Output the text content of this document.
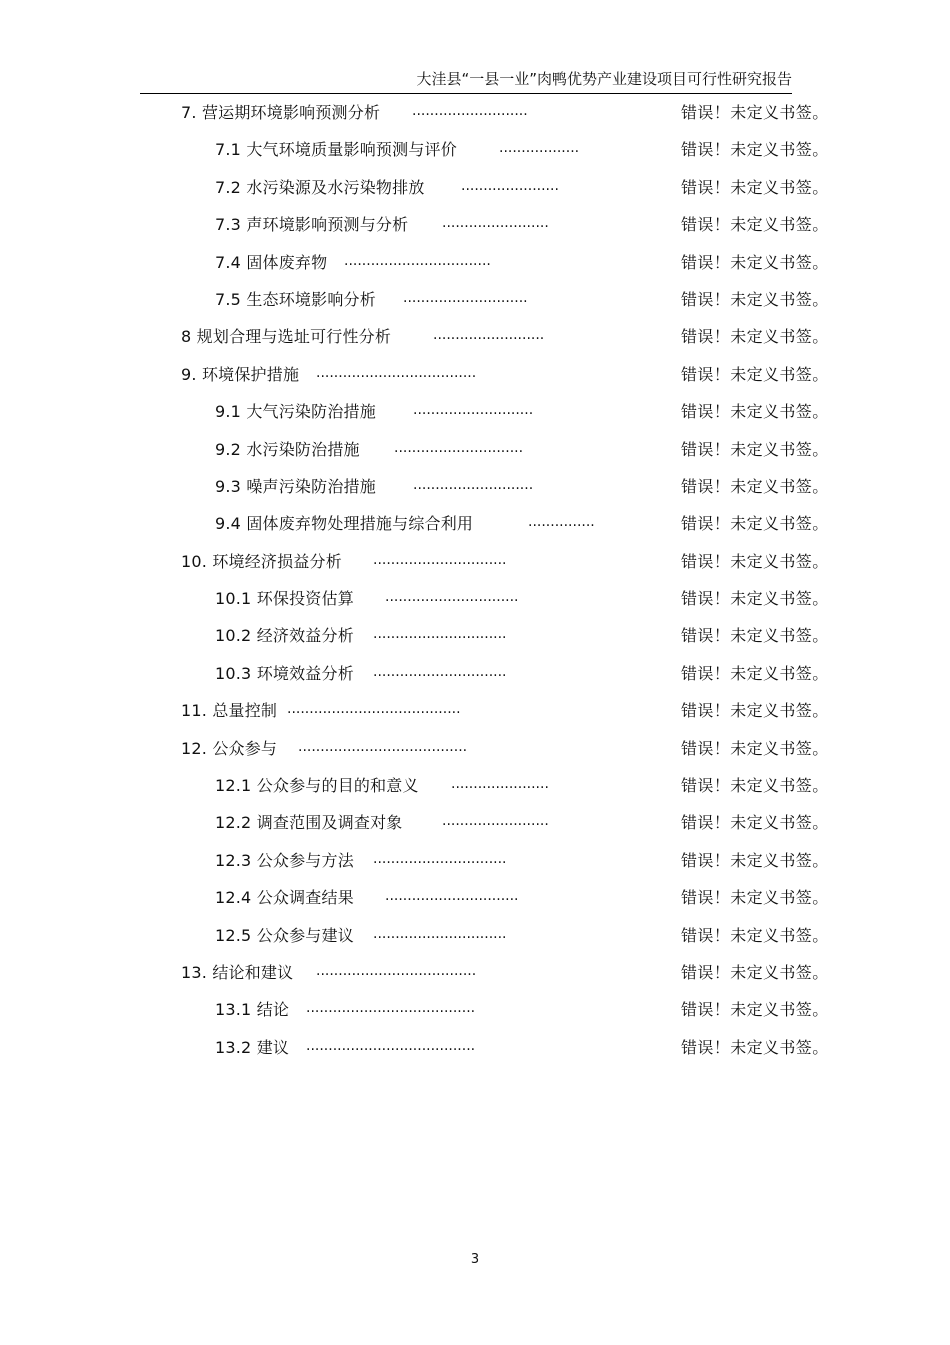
大洼县“一县一业”肉鸭优势产业建设项目可行性研究报告
7. 营运期环境影响预测分析 ..........................	错误！未定义书签。
7.1 大气环境质量影响预测与评价	..................	错误！未定义书签。
7.2 水污染源及水污染物排放	......................	错误！未定义书签。
7.3 声环境影响预测与分析 ........................	错误！未定义书签。
7.4 固体废弃物 .................................	错误！未定义书签。
7.5 生态环境影响分析 ............................	错误！未定义书签。
8 规划合理与选址可行性分析	.........................	错误！未定义书签。
9. 环境保护措施 ....................................	错误！未定义书签。
9.1 大气污染防治措施	...........................	错误！未定义书签。
9.2 水污染防治措施 .............................	错误！未定义书签。
9.3 噪声污染防治措施	...........................	错误！未定义书签。
9.4 固体废弃物处理措施与综合利用	...............	错误！未定义书签。
10. 环境经济损益分析 ..............................	错误！未定义书签。
10.1 环保投资估算 ..............................	错误！未定义书签。
10.2 经济效益分析 ..............................	错误！未定义书签。
10.3 环境效益分析 ..............................	错误！未定义书签。
11. 总量控制 .......................................	错误！未定义书签。
12. 公众参与 ......................................	错误！未定义书签。
12.1 公众参与的目的和意义 ......................	错误！未定义书签。
12.2 调查范围及调查对象	........................	错误！未定义书签。
12.3 公众参与方法 ..............................	错误！未定义书签。
12.4 公众调查结果 ..............................	错误！未定义书签。
12.5 公众参与建议 ..............................	错误！未定义书签。
13. 结论和建议 ....................................	错误！未定义书签。
13.1 结论 ......................................	错误！未定义书签。
13.2 建议 ......................................	错误！未定义书签。
3
